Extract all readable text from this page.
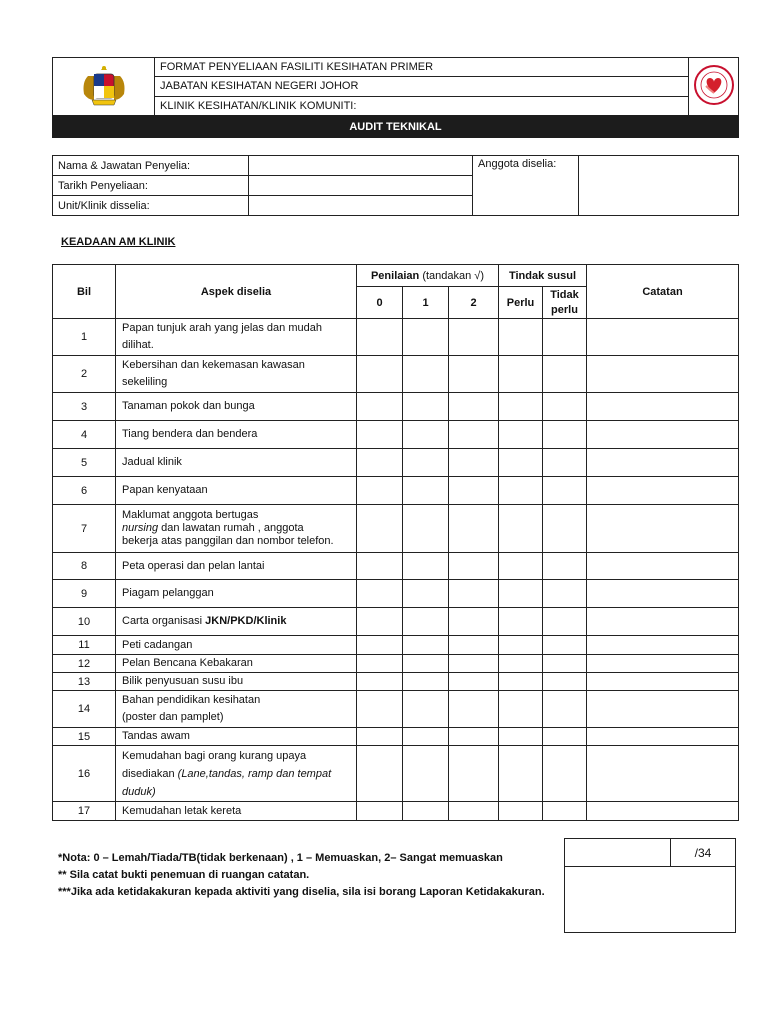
	FORMAT PENYELIAAN FASILITI KESIHATAN PRIMER	
JABATAN KESIHATAN NEGERI JOHOR
KLINIK KESIHATAN/KLINIK KOMUNITI:
AUDIT TEKNIKAL
Nama & Jawatan Penyelia:		Anggota diselia:	
Tarikh Penyeliaan:			
Unit/Klinik disselia:			
KEADAAN AM KLINIK
Bil	Aspek diselia	Penilaian (tandakan √)			Tindak susul		Catatan
		0	1	2	Perlu	Tidak
perlu	
1	Papan tunjuk arah yang jelas dan mudah
dilihat.						
2	Kebersihan dan kekemasan kawasan
sekeliling						
3	Tanaman pokok dan bunga						
4	Tiang bendera dan bendera						
5	Jadual klinik						
6	Papan kenyataan						
7	Maklumat anggota bertugas
nursing dan lawatan rumah , anggota
bekerja atas panggilan dan nombor telefon.						
8	Peta operasi dan pelan lantai						
9	Piagam pelanggan						
10	Carta organisasi JKN/PKD/Klinik						
11	Peti cadangan						
12	Pelan Bencana Kebakaran						
13	Bilik penyusuan susu ibu						
14	Bahan pendidikan kesihatan
(poster dan pamplet)						
15	Tandas awam						
16	Kemudahan bagi orang kurang upaya
disediakan (Lane,tandas, ramp dan tempat
duduk)						
17	Kemudahan letak kereta						
*Nota: 0 – Lemah/Tiada/TB(tidak berkenaan) , 1 – Memuaskan, 2– Sangat memuaskan
** Sila catat bukti penemuan di ruangan catatan.
***Jika ada ketidakakuran kepada aktiviti yang diselia, sila isi borang Laporan Ketidakakuran.
	/34
